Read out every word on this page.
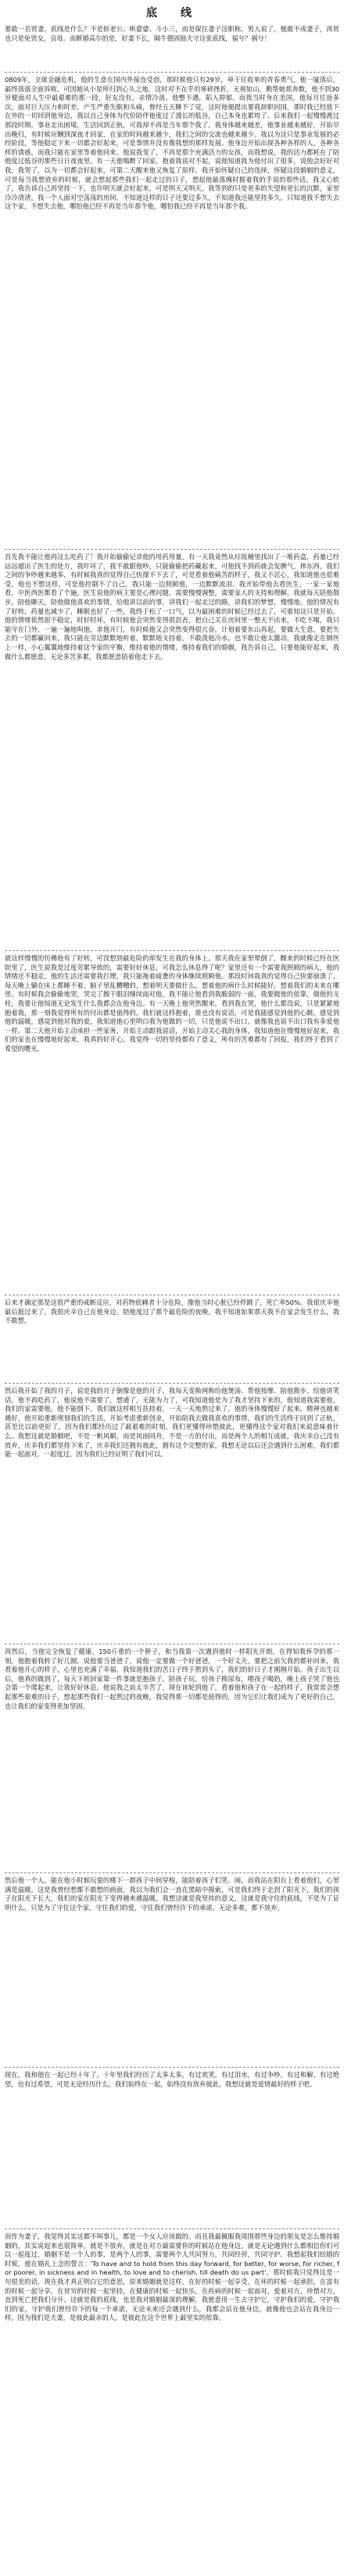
底　线

要敢一名贤妻，底线是什么？不是抠老公、哄婆婆、斗小三，而是保住妻子这职称。男人说了，便敢不成妻子，再贤也只是免贤女，良母。而断婚高尔的是，好妻不长，隔牛德固抽夫守这张底线，福兮？祸兮！

0809年，全球金融危机，他的生意在国内外接连受创，那时候他只有29岁，单干往收单的青春勇气，他一厦落后，最终落落全面诉败。可因她从小星所归到心头之地，这时对不在乎的寒碎挫折，无视如山，勤帮她那奔数，他不到30岁便面对人生中最艰难的那一段，好友没有，亲情冷落，他整不遇，陷入抑郁。而我当时身在美国，他每月往返多次，面对巨大压力和时差，产生严重失眠和头痛，曾经五天睡不了觉，这时他便提出要我辞职回国，那时我已经放下在外的一切回到他身边，我以自己身体为代价陪伴他度过了漫长的低谷，自己本身也累垮了。后来我们一起慢慢渡过那段时期，事业走出困境，生活回到正轨，可我却不再是当年那个我了，我身体越来越差，他事业越来越好，开始早出晚归，有时候应酬到深夜才回家，在家的时间越来越少，我们之间的交流也越来越少。我以为这只是事业发展的必经阶段，等他稳定下来一切都会好起来，可是事情并没有像我想的那样发展。他身边开始出现各种各样的人，各种各样的诱惑，而我只能在家里等着他回来。他说我变了，不再是那个充满活力的女孩，而我想说，我的活力都耗在了陪他度过低谷的那些日日夜夜里。有一天他喝醉了回家，抱着我说对不起，说他知道我为他付出了很多，说他会好好对我，我哭了，以为一切都会好起来，可第二天醒来他又恢复了原样。我开始怀疑自己的选择，怀疑这段婚姻的意义，可是每当我想放弃的时候，就会想起那些我们一起走过的日子，想起他最落魄时握着我的手说的那些话，我又心软了，我告诉自己再坚持一下，也许明天就会好起来，可是明天又明天，我等到的只是更多的失望和更长的沉默，家里冷冷清清，我一个人面对空荡荡的房间，不知道这样的日子还要过多久，不知道我还能坚持多久，只知道我不想失去这个家，不想失去他，哪怕他已经不再是当年那个他，哪怕我已经不再是当年那个我。

首先我不能让他再这么吃药了！我开始偷偷记录他的用药用量，有一天我竟然从垃圾桶里找出了一堆药盒，药量已经远远超出了医生的处方，我吓坏了，我不敢跟他吵，只能偷偷把药藏起来，可他找不到药就会发脾气，摔东西，我们之间的争吵越来越多，有时候我真的觉得自己快撑不下去了，可是看着他痛苦的样子，我又不忍心，我知道他也很难受，他也不想这样，可是他控制不了自己，我只能一边照顾他，一边默默流泪。我开始带他去看医生，一家一家地看，中医西医都看了个遍，医生说他的病主要是心理问题，需要慢慢调整，需要家人的支持和理解，我就每天陪他散步，陪他聊天，陪他做他喜欢的事情，给他讲以前的事，讲我们一起走过的路，讲我们的梦想，慢慢地，他的情况有了好转，药量也减少了，睡眠也好了一些，我终于松了一口气，以为最困难的时候已经过去了，可谁知这只是开始。他的情绪依然很不稳定，时好时坏，有时候他会突然变得很沮丧，把自己关在房间里一整天不出来，不吃不喝，我只能守在门外，一遍一遍地叫他，求他开门，有时候他又会突然变得很亢奋，计划着要东山再起，要做大生意，要把失去的一切都赢回来，我只能在旁边默默地听着，默默地支持着，不敢泼他冷水，也不敢让他太激动，我就像走在钢丝上一样，小心翼翼地维持着这个家的平衡，维持着他的情绪，维持着我们的婚姻，我告诉自己，只要他能好起来，我做什么都愿意，无论多苦多累，我都愿意陪着他走下去。

就这样慢慢的仿佛他有了好转，可没想到最危险的却发生在我的身体上。那天我在家里晕倒了，醒来的时候已经在医院里了，医生说我是过度劳累导致的，需要好好休息，可我怎么休息得了呢？家里还有一个需要我照顾的病人，他的情绪还不稳定，他的生活还需要我打理，我只能拖着疲惫的身体继续照顾他。那段时间我真的觉得自己快要崩溃了，每天晚上躺在床上都睡不着，脑子里乱糟糟的，想着明天要做什么，想着他的病什么时候能好，想着我们的未来在哪里。有时候我会偷偷地哭，哭完了擦干眼泪继续面对他，我不能让他看到我脆弱的一面，我要做他的依靠，做他的支柱，我要让他知道无论发生什么我都会在他身边。有一天晚上他突然醒来，看到我在哭，他什么都没说，只是紧紧地抱着我，那一刻我觉得所有的付出都是值得的，我们就这样抱着，谁也没有说话，可是我能感觉到他的心跳，感觉到他的温暖，感觉到他对我的爱，我知道他心里明白我为他做的一切，只是他说不出口，就像我也说不出口我有多爱他一样。第二天他开始主动承担一些家务，开始主动跟我说话，开始主动关心我的身体，我知道他在慢慢地好起来，我们的家也在慢慢地好起来，我真的好开心，我觉得一切的坚持都有了意义，所有的苦难都有了回报，我们终于看到了希望的曙光。

后来才确定那是这很严重的戒断反应，对药物依赖者十分危险，像他当时心脏已经停跳了，死亡率50%。我很庆幸他最后挺过来了，我很庆幸自己在他身边，陪他度过了那个最危险的夜晚，我不知道如果那天我不在家会发生什么，我不敢想。

然后我开始了我的月子，说是我的月子倒像是他的月子，我每天变换网购给他煲汤、帮他按摩、陪他散步、给他讲笑话，他不再吃药了，他说他不需要了，想通了，无能为力了，可我知道他是为了我才坚持下来的，他知道我需要他，我们的家需要他，他不能倒下。我们就这样相互扶持着，一天一天地熬过来了，他的身体慢慢好了起来，精神也越来越好，他开始重新规划我们的生活，开始考虑重新创业，开始陪我去做我喜欢的事情，我们的生活终于回到了正轨，甚至比以前更好了，因为我们都经历过了最艰难的时刻，我们更懂得珍惜彼此，更懂得这个家对我们来说意味着什么。我想这就是婚姻吧，不是一帆风顺，而是风雨同舟，不是一方的付出，而是两个人的相互成就，我庆幸自己没有放弃，庆幸我们都坚持下来了，庆幸我们还拥有彼此，拥有这个完整的家，我想无论以后还会遇到什么困难，我们都能一起面对，一起度过，因为我们已经证明了我们可以。

再然后，当他完全恢复了健康，150斤重的一个胖子，和当我第一次遇到他时一样阳光开朗，在得知我怀孕的那一刻，他抱着我转了好几圈，说他要当爸爸了，说他一定要做一个好爸爸，一个好丈夫，要把之前欠我的都补回来，我看着他开心的样子，心里也充满了幸福，我知道我们的苦日子终于熬到头了，我们的好日子才刚刚开始。孩子出生以后，他真的做到了，每天下班回家第一件事就是抱孩子，陪孩子玩，给孩子换尿布，喂孩子喝奶，晚上孩子哭了他也会第一个爬起来，让我好好休息，他说我之前太辛苦了，现在该轮到他了，看着他和孩子在一起的样子，我常常会想起那些艰难的日子，想起那些我们一起熬过的夜晚，我觉得那一切都是值得的，因为它们让我们成为了更好的自己，也让我们的家变得更加坚固。

然后他一个人，能在他小时候玩耍的楼下一群孩子中间穿梭，能陪着孩子们笑、闹，而我站在阳台上看着他们，心里满是温暖，这是我曾经想都不敢想的画面，我以为我们会一直在黑暗中摸索，可是我们终于走到了阳光下，我们的孩子在阳光下长大，我们的家在阳光下变得越来越温暖，我想这就是我坚持的意义，这就是我守住的底线，不是为了证明什么，只是为了守住这个家，守住我们的爱，守住我们曾经许下的承诺，无论多难，都不放弃。

现在，我和他在一起已经十年了，十年里我们经历了太多太多，有过欢笑，有过泪水，有过争吵，有过和解，有过绝望，也有过希望，可是无论经历什么，我们始终在一起，始终没有放弃彼此，我想这就是爱情最好的样子吧。

而作为妻子，我觉得其实这都不叫事儿，都是一个女人应该做的。而且我最佩服我周围那些身边的朋友是怎么维持婚姻的，其实说起来也很简单，就是不放弃，就是在对方最需要你的时候站在他身边，就是无论遇到什么都相信你们可以一起度过，婚姻不是一个人的事，是两个人的事，需要两个人共同努力，共同经营，共同守护。我想起我们结婚的时候，他在婚礼上念的誓言：'To have and to hold from this day forward, for better, for worse, for richer, for poorer, in sickness and in health, to love and to cherish, till death do us part'，那时候我只觉得这是一句很美的话，现在我才真正明白它的意思，原来婚姻就是这样，在好的时候一起享受，在坏的时候一起承担，在富有的时候一起分享，在贫穷的时候一起坚持，在健康的时候一起快乐，在疾病的时候一起面对，爱着对方，珍惜对方，直到死亡把我们分开。这就是我的底线，也是我对婚姻最深的理解，我愿意用一生去守护它，守护我们的爱，守护我们的家，守护我们曾经许下的每一个承诺，无论未来还会遇到什么，我都会站在他身边，就像他也会站在我身边一样，因为我们是夫妻，是彼此最亲的人，是彼此在这个世界上最坚实的依靠。
